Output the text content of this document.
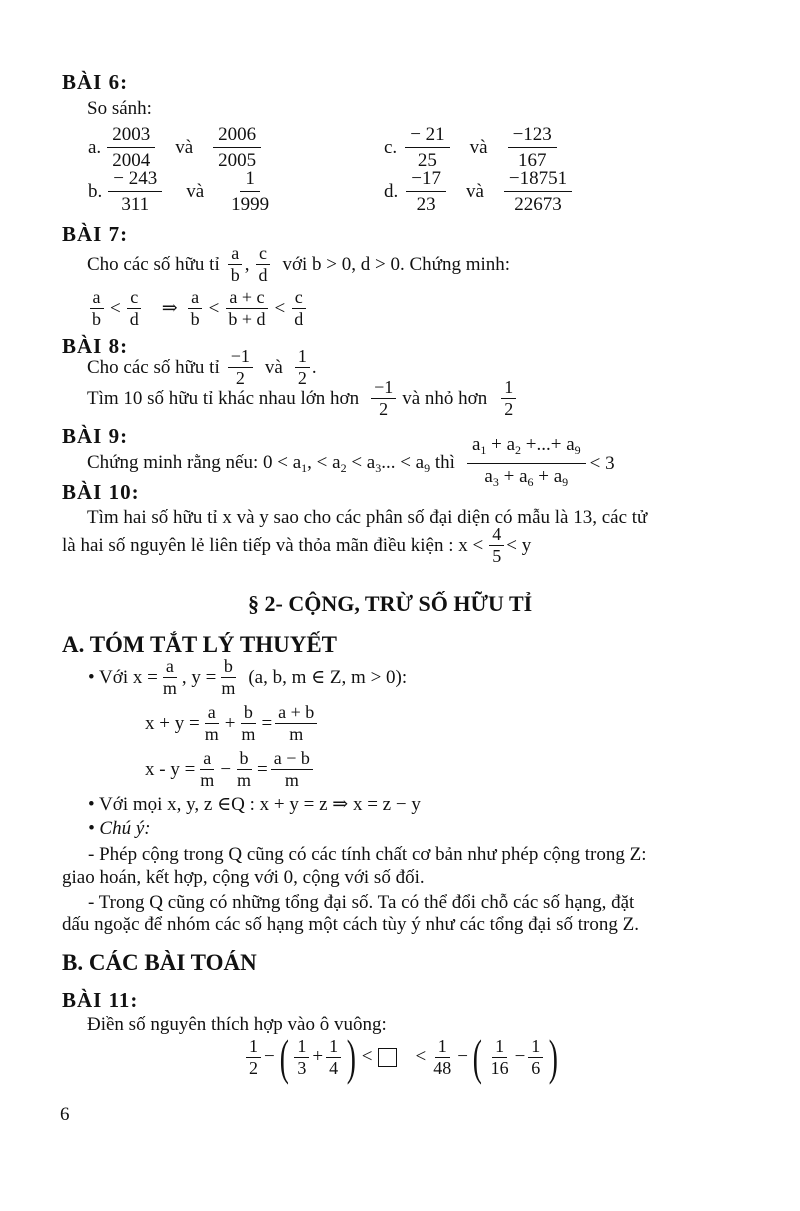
BÀI 6:
So sánh:
a. $\frac{2003}{2004}$ và $\frac{2006}{2005}$	c. $\frac{- 21}{25}$ và $\frac{-123}{167}$
b. $\frac{- 243}{311}$ và $\frac{1}{1999}$	d. $\frac{-17}{23}$ và $\frac{-18751}{22673}$
BÀI 7:
Cho các số hữu tỉ $\frac{a}{b}$ , $\frac{c}{d}$ với b > 0, d > 0. Chứng minh:
$\frac{a}{b} < \frac{c}{d}$ ⇒ $\frac{a}{b} < \frac{a + c}{b + d} < \frac{c}{d}$
BÀI 8:
Cho các số hữu tỉ $\frac{-1}{2}$ và $\frac{1}{2}$ .
Tìm 10 số hữu tỉ khác nhau lớn hơn $\frac{-1}{2}$ và nhỏ hơn $\frac{1}{2}$
BÀI 9:
Chứng minh rằng nếu: $0 < a_1$, < $a_2 < a_3$... < $a_9$ thì $\frac{a_1 + a_2 +...+ a_9}{a_3 + a_6 + a_9} < 3$
BÀI 10:
Tìm hai số hữu tỉ x và y sao cho các phân số đại diện có mẫu là 13, các tử
là hai số nguyên lẻ liên tiếp và thỏa mãn điều kiện : $x < \frac{4}{5} < y$
§ 2- CỘNG, TRỪ SỐ HỮU TỈ
A. TÓM TẮT LÝ THUYẾT
• Với $x = \frac{a}{m}$ , $y = \frac{b}{m} (a$, b, m ∈ Z, m > 0):
$x + y = \frac{a}{m} + \frac{b}{m} = \frac{a + b}{m}$
$x - y = \frac{a}{m} - \frac{b}{m} = \frac{a - b}{m}$
• Với mọi x, y, z ∈Q : x + y = z ⇒ x = z − y
• Chú ý:
- Phép cộng trong Q cũng có các tính chất cơ bản như phép cộng trong Z:
giao hoán, kết hợp, cộng với 0, cộng với số đối.
- Trong Q cũng có những tổng đại số. Ta có thể đổi chỗ các số hạng, đặt
dấu ngoặc để nhóm các số hạng một cách tùy ý như các tổng đại số trong Z.
B. CÁC BÀI TOÁN
BÀI 11:
Điền số nguyên thích hợp vào ô vuông:
$\frac{1}{2}$ − ( $\frac{1}{3} + \frac{1}{4}$ ) < < $\frac{1}{48}$ − ( $\frac{1}{16} - \frac{1}{6}$ )
6
